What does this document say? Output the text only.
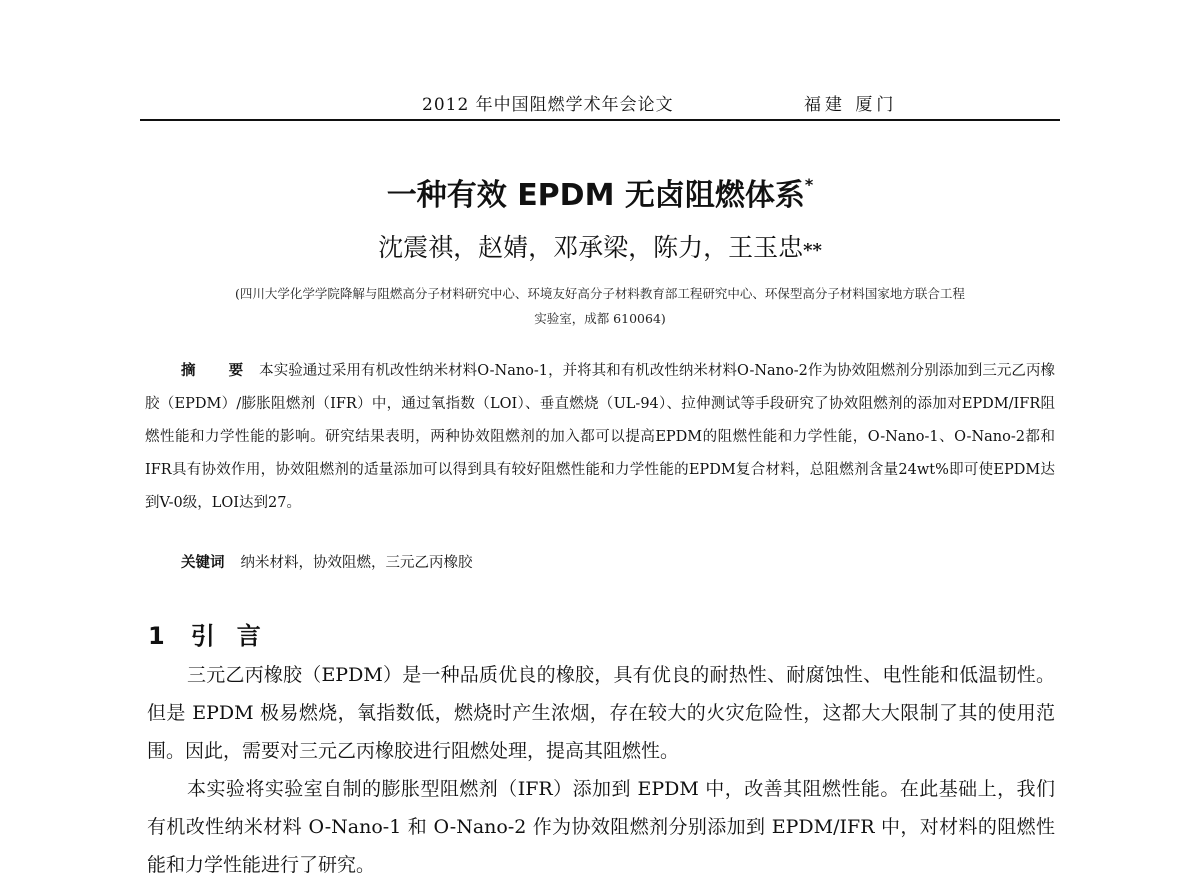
2012 年中国阻燃学术年会论文	福建 厦门
一种有效 EPDM 无卤阻燃体系*
沈震祺，赵婧，邓承梁，陈力，王玉忠**
(四川大学化学学院降解与阻燃高分子材料研究中心、环境友好高分子材料教育部工程研究中心、环保型高分子材料国家地方联合工程
实验室，成都 610064)
摘 要 本实验通过采用有机改性纳米材料O-Nano-1，并将其和有机改性纳米材料O-Nano-2作为协效阻燃剂分别添加到三元乙丙橡胶（EPDM）/膨胀阻燃剂（IFR）中，通过氧指数（LOI）、垂直燃烧（UL-94）、拉伸测试等手段研究了协效阻燃剂的添加对EPDM/IFR阻燃性能和力学性能的影响。研究结果表明，两种协效阻燃剂的加入都可以提高EPDM的阻燃性能和力学性能，O-Nano-1、O-Nano-2都和IFR具有协效作用，协效阻燃剂的适量添加可以得到具有较好阻燃性能和力学性能的EPDM复合材料，总阻燃剂含量24wt%即可使EPDM达到V-0级，LOI达到27。
关键词 纳米材料，协效阻燃，三元乙丙橡胶
1 引言

三元乙丙橡胶（EPDM）是一种品质优良的橡胶，具有优良的耐热性、耐腐蚀性、电性能和低温韧性。但是 EPDM 极易燃烧，氧指数低，燃烧时产生浓烟，存在较大的火灾危险性，这都大大限制了其的使用范围。因此，需要对三元乙丙橡胶进行阻燃处理，提高其阻燃性。

本实验将实验室自制的膨胀型阻燃剂（IFR）添加到 EPDM 中，改善其阻燃性能。在此基础上，我们有机改性纳米材料 O-Nano-1 和 O-Nano-2 作为协效阻燃剂分别添加到 EPDM/IFR 中，对材料的阻燃性能和力学性能进行了研究。
